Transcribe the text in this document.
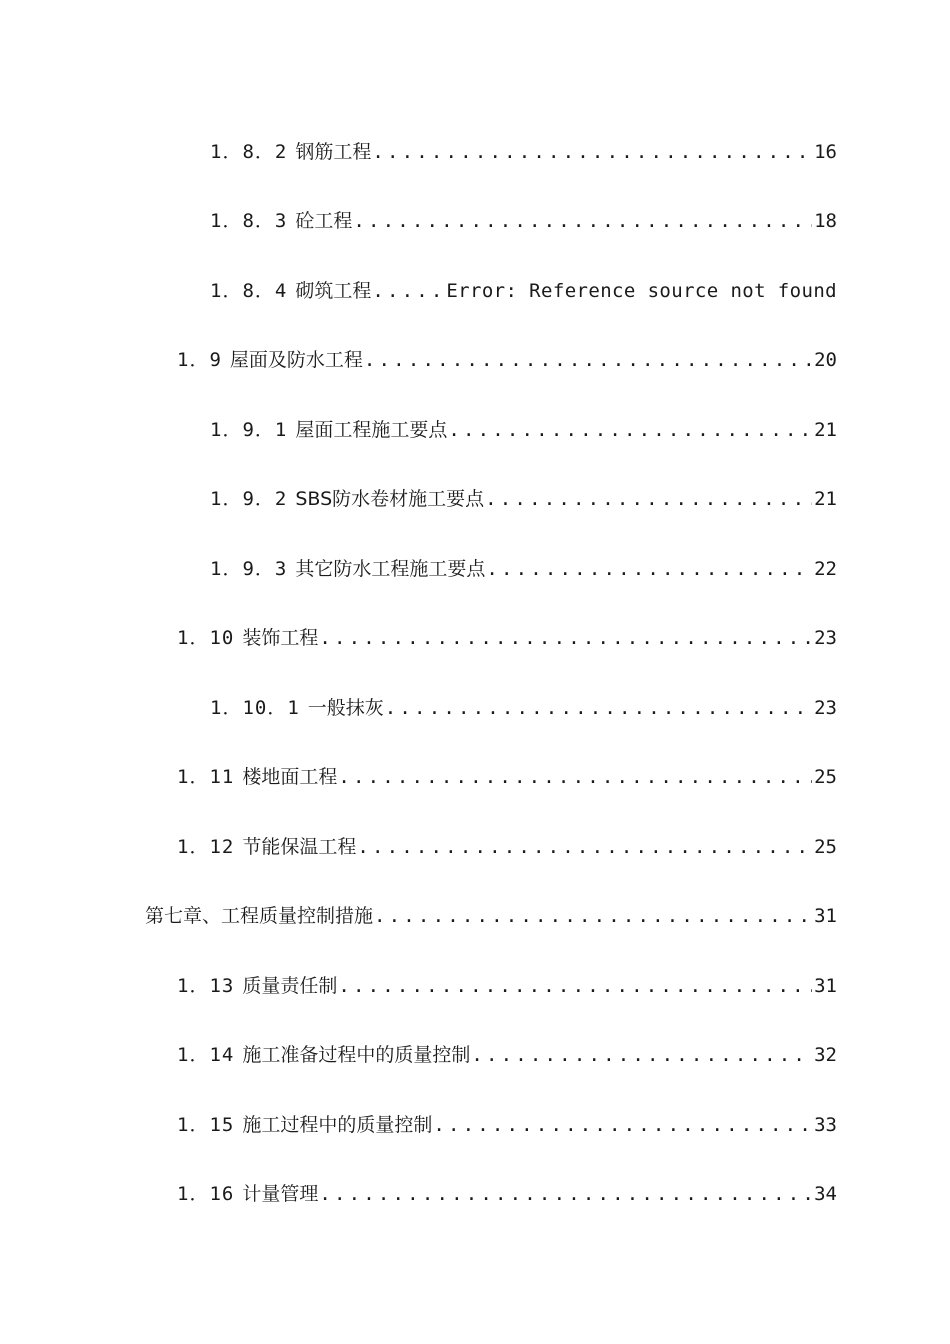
1．8．2 钢筋工程 .....	16
1．8．3 砼工程 .....	18
1．8．4 砌筑工程 .....	Error: Reference source not found
1．9 屋面及防水工程 .....	20
1．9．1 屋面工程施工要点 .....	21
1．9．2 SBS防水卷材施工要点 .....	21
1．9．3 其它防水工程施工要点 .....	22
1．10 装饰工程 .....	23
1．10．1 一般抹灰 .....	23
1．11 楼地面工程 .....	25
1．12 节能保温工程 .....	25
第七章、工程质量控制措施 .....	31
1．13 质量责任制 .....	31
1．14 施工准备过程中的质量控制 .....	32
1．15 施工过程中的质量控制 .....	33
1．16 计量管理 .....	34
